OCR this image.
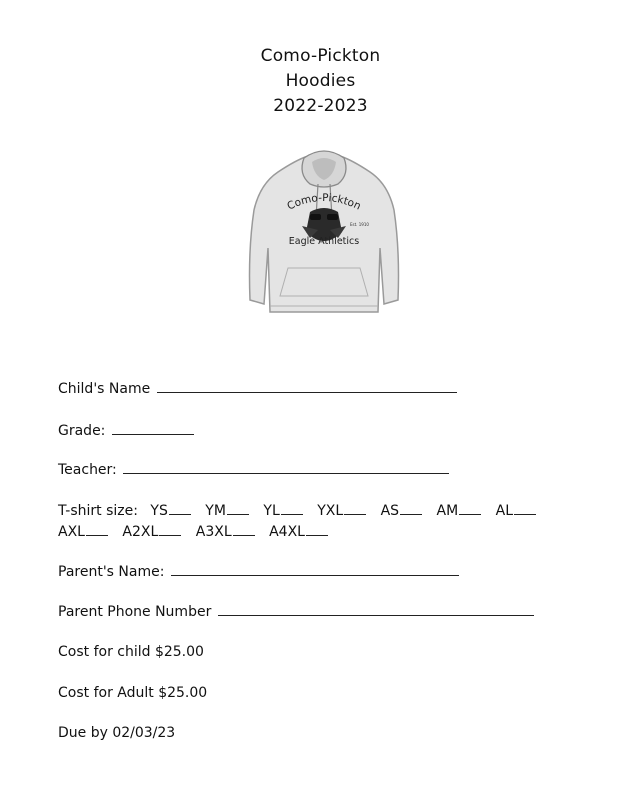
Como-Pickton
Hoodies
2022-2023
Como-Pickton
Est. 1910
Eagle Athletics
Child's Name
Grade:
Teacher:
T-shirt size: YS	YM	YL	YXL	AS	AM	AL
AXL	A2XL	A3XL	A4XL
Parent's Name:
Parent Phone Number
Cost for child $25.00
Cost for Adult $25.00
Due by 02/03/23
